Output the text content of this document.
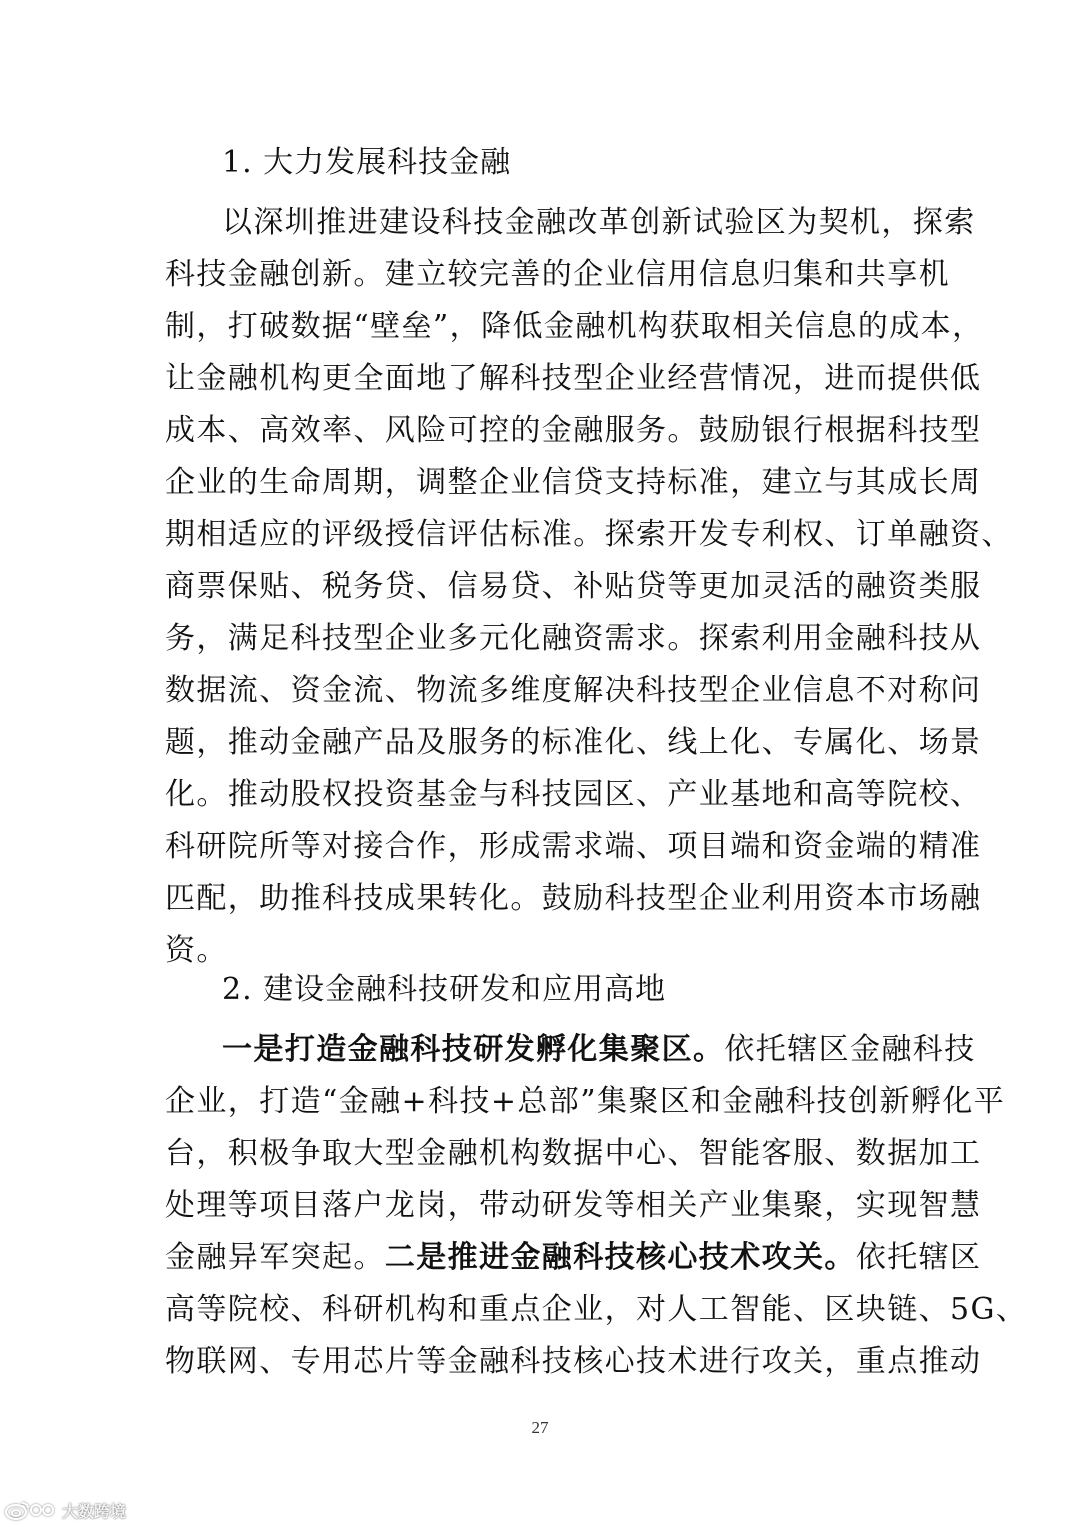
1. 大力发展科技金融
以深圳推进建设科技金融改革创新试验区为契机，探索
科技金融创新。建立较完善的企业信用信息归集和共享机
制，打破数据“壁垒”，降低金融机构获取相关信息的成本，
让金融机构更全面地了解科技型企业经营情况，进而提供低
成本、高效率、风险可控的金融服务。鼓励银行根据科技型
企业的生命周期，调整企业信贷支持标准，建立与其成长周
期相适应的评级授信评估标准。探索开发专利权、订单融资、
商票保贴、税务贷、信易贷、补贴贷等更加灵活的融资类服
务，满足科技型企业多元化融资需求。探索利用金融科技从
数据流、资金流、物流多维度解决科技型企业信息不对称问
题，推动金融产品及服务的标准化、线上化、专属化、场景
化。推动股权投资基金与科技园区、产业基地和高等院校、
科研院所等对接合作，形成需求端、项目端和资金端的精准
匹配，助推科技成果转化。鼓励科技型企业利用资本市场融
资。
2. 建设金融科技研发和应用高地
一是打造金融科技研发孵化集聚区。依托辖区金融科技
企业，打造“金融+科技+总部”集聚区和金融科技创新孵化平
台，积极争取大型金融机构数据中心、智能客服、数据加工
处理等项目落户龙岗，带动研发等相关产业集聚，实现智慧
金融异军突起。二是推进金融科技核心技术攻关。依托辖区
高等院校、科研机构和重点企业，对人工智能、区块链、5G、
物联网、专用芯片等金融科技核心技术进行攻关，重点推动
27
大数跨境
